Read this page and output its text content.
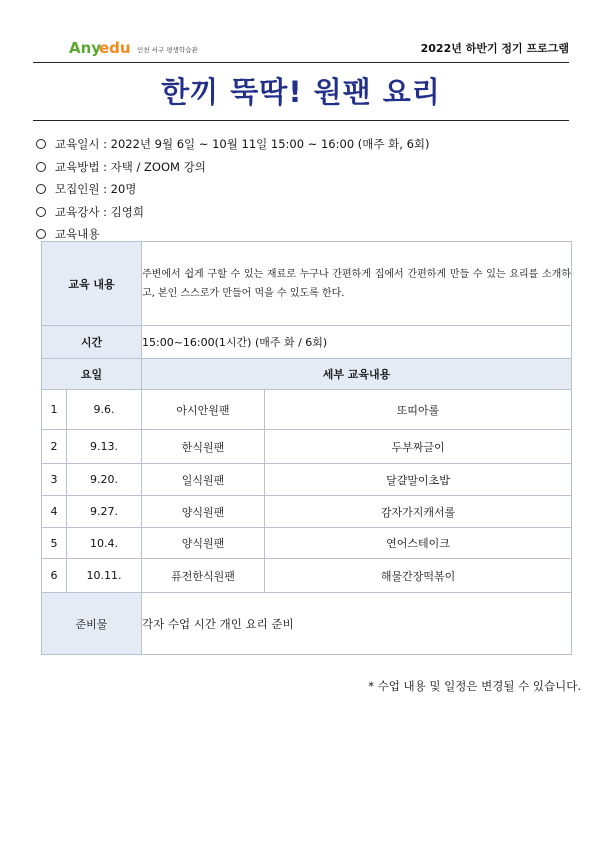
Any
edu 인천 서구 평생학습관	2022년 하반기 정기 프로그램
한끼 뚝딱! 원팬 요리
교육일시 : 2022년 9월 6일 ~ 10월 11일 15:00 ~ 16:00 (매주 화, 6회)
교육방법 : 자택 / ZOOM 강의
모집인원 : 20명
교육강사 : 김영희
교육내용
교육 내용		주변에서 쉽게 구할 수 있는 재료로 누구나 간편하게 집에서 간편하게 만들 수 있는 요리를 소개하고, 본인 스스로가 만들어 먹을 수 있도록 한다.	
시간		15:00~16:00(1시간) (매주 화 / 6회)	
요일		세부 교육내용	
1	9.6.	아시안원팬	또띠아롤
2	9.13.	한식원팬	두부짜글이
3	9.20.	일식원팬	달걀말이초밥
4	9.27.	양식원팬	감자가지캐서롤
5	10.4.	양식원팬	연어스테이크
6	10.11.	퓨전한식원팬	해물간장떡볶이
준비물		각자 수업 시간 개인 요리 준비	
* 수업 내용 및 일정은 변경될 수 있습니다.
